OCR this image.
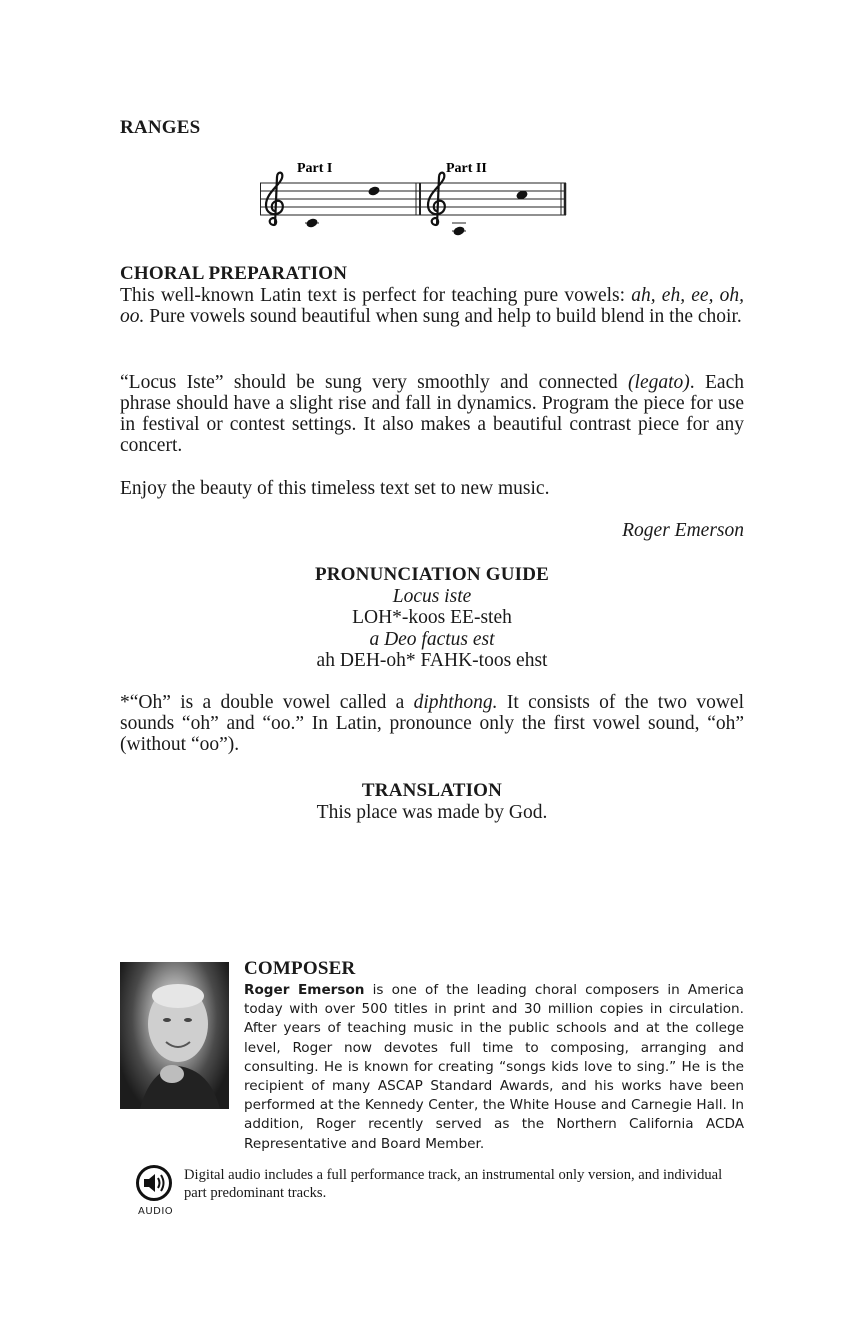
RANGES
Part I	Part II
CHORAL PREPARATION

This well-known Latin text is perfect for teaching pure vowels: ah, eh, ee, oh, oo. Pure vowels sound beautiful when sung and help to build blend in the choir.

“Locus Iste” should be sung very smoothly and connected (legato). Each phrase should have a slight rise and fall in dynamics. Program the piece for use in festival or contest settings. It also makes a beautiful contrast piece for any concert.

Enjoy the beauty of this timeless text set to new music.

Roger Emerson
PRONUNCIATION GUIDE
Locus iste
LOH*-koos EE-steh
a Deo factus est
ah DEH-oh* FAHK-toos ehst

*“Oh” is a double vowel called a diphthong. It consists of the two vowel sounds “oh” and “oo.” In Latin, pronounce only the first vowel sound, “oh” (without “oo”).

TRANSLATION
This place was made by God.
COMPOSER

Roger Emerson is one of the leading choral composers in America today with over 500 titles in print and 30 million copies in circulation. After years of teaching music in the public schools and at the college level, Roger now devotes full time to composing, arranging and consulting. He is known for creating “songs kids love to sing.” He is the recipient of many ASCAP Standard Awards, and his works have been performed at the Kennedy Center, the White House and Carnegie Hall. In addition, Roger recently served as the Northern California ACDA Representative and Board Member.

AUDIO
Digital audio includes a full performance track, an instrumental only version, and individual part predominant tracks.
